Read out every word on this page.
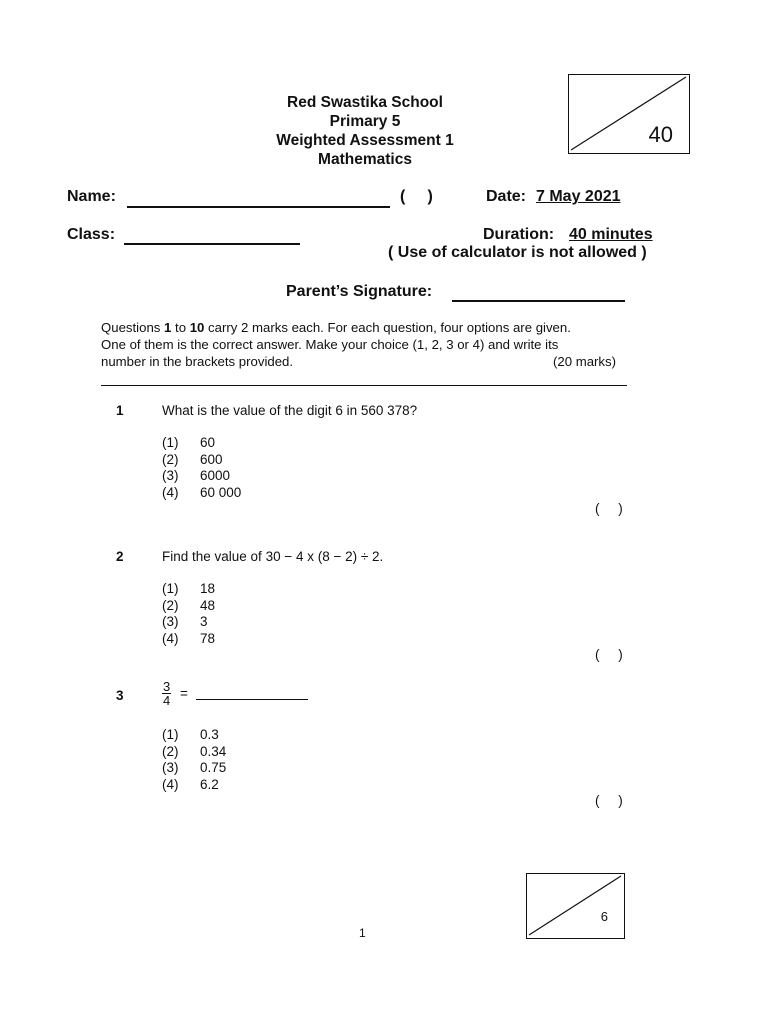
Red Swastika School
Primary 5
Weighted Assessment 1
Mathematics
40
Name:	(     )	Date: 7 May 2021
Class:	Duration: 40 minutes
( Use of calculator is not allowed )
Parent’s Signature:
Questions 1 to 10 carry 2 marks each. For each question, four options are given.
One of them is the correct answer. Make your choice (1, 2, 3 or 4) and write its
number in the brackets provided.	(20 marks)
1	What is the value of the digit 6 in 560 378?
(1) 60
(2) 600
(3) 6000
(4) 60 000
(     )
2	Find the value of 30 − 4 x (8 − 2) ÷ 2.
(1) 18
(2) 48
(3) 3
(4) 78
(     )
3	$\frac{3}{4}$ =
(1) 0.3
(2) 0.34
(3) 0.75
(4) 6.2
(     )
6
1
